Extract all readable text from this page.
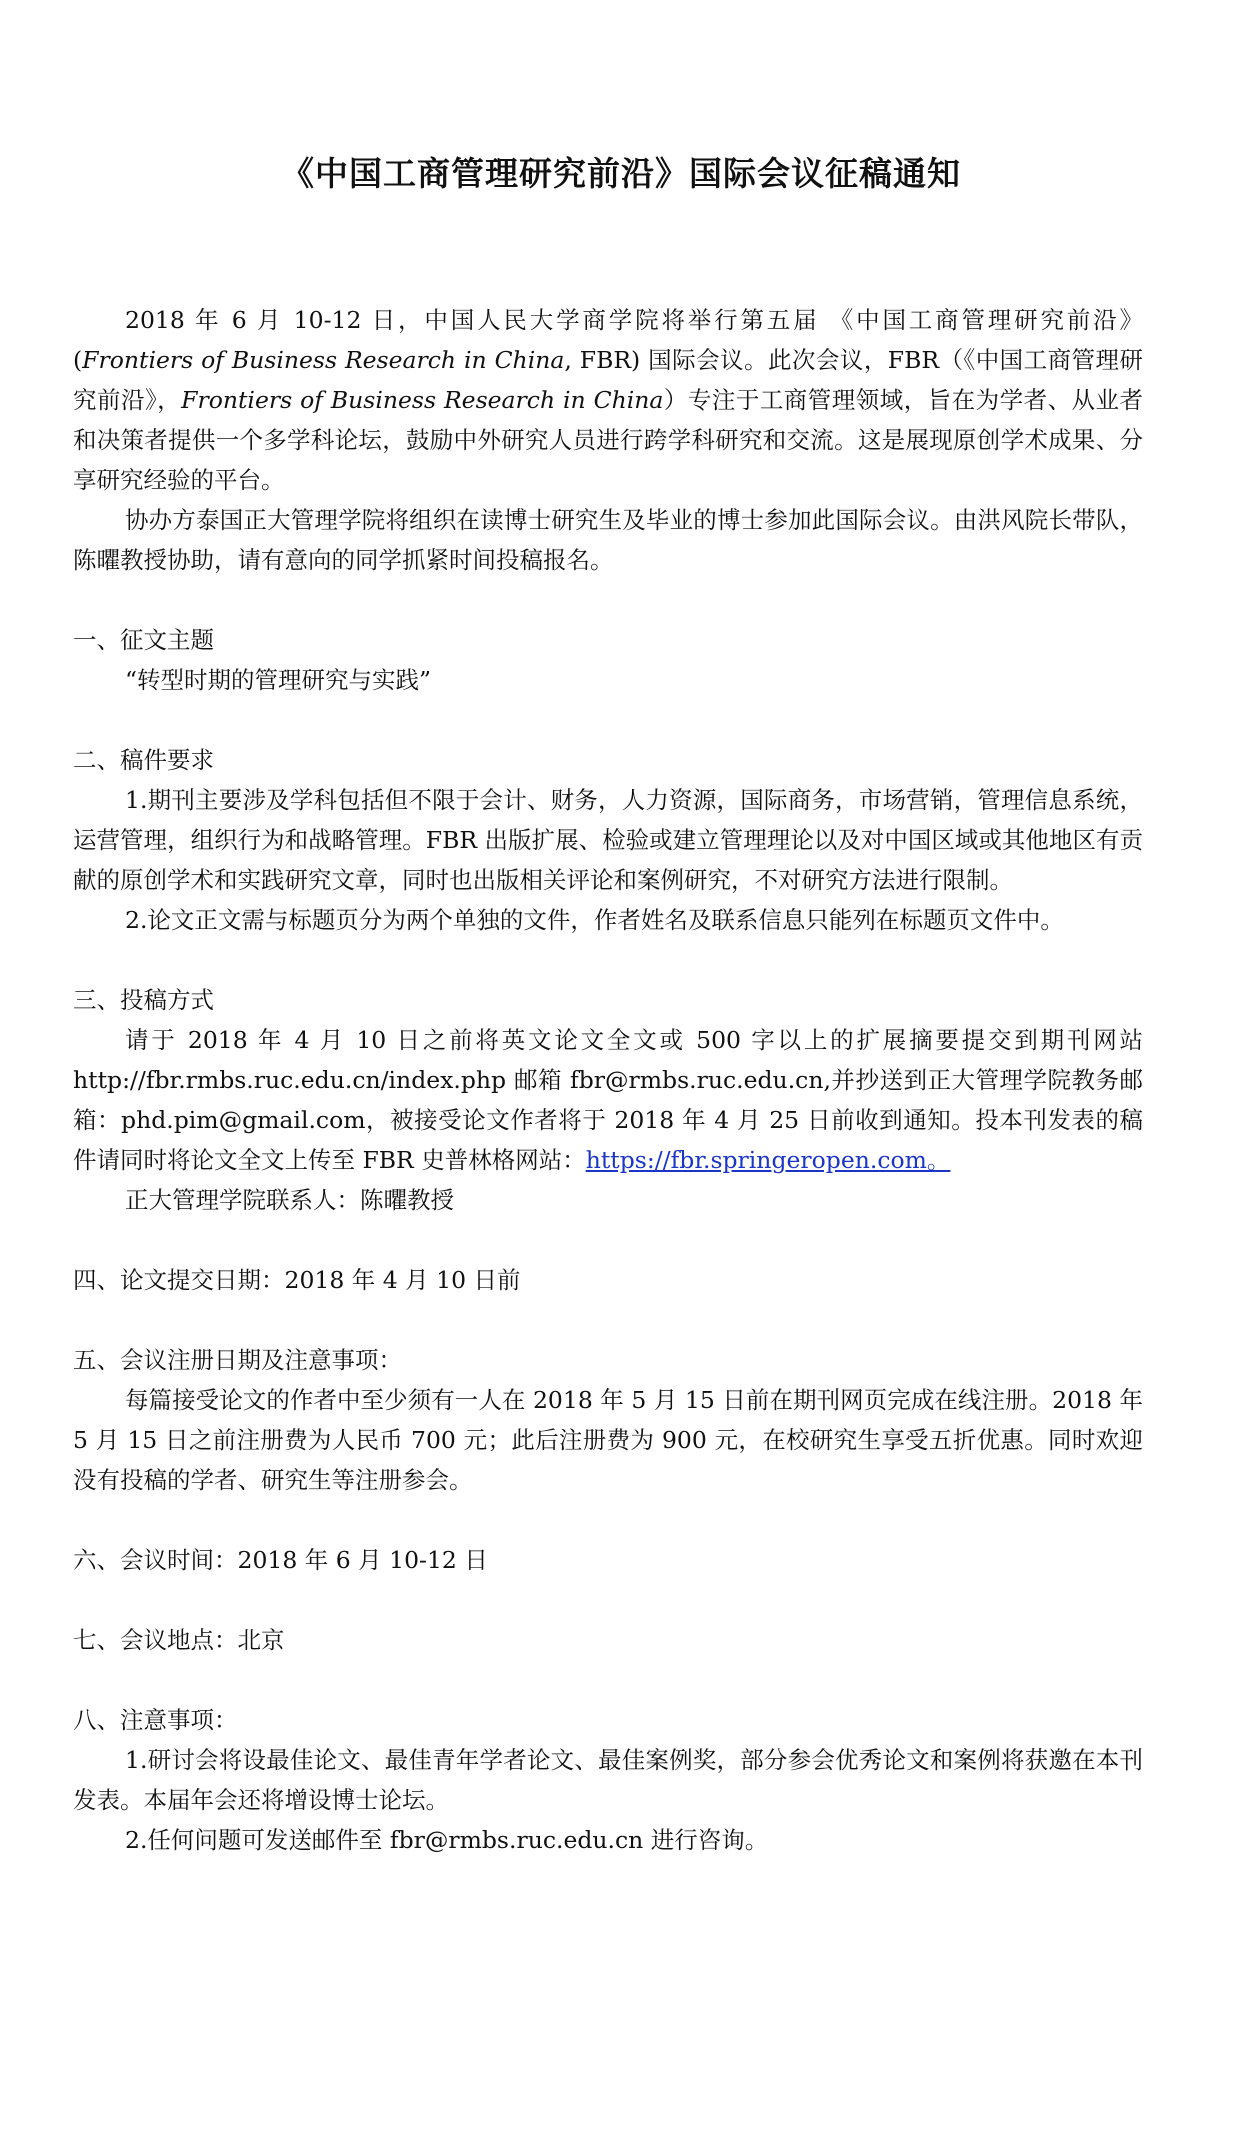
《中国工商管理研究前沿》国际会议征稿通知

2018 年 6 月 10-12 日，中国人民大学商学院将举行第五届 《中国工商管理研究前沿》 (Frontiers of Business Research in China, FBR) 国际会议。此次会议，FBR（《中国工商管理研究前沿》，Frontiers of Business Research in China）专注于工商管理领域，旨在为学者、从业者和决策者提供一个多学科论坛，鼓励中外研究人员进行跨学科研究和交流。这是展现原创学术成果、分享研究经验的平台。

协办方泰国正大管理学院将组织在读博士研究生及毕业的博士参加此国际会议。由洪风院长带队，陈㬬教授协助，请有意向的同学抓紧时间投稿报名。

一、征文主题

“转型时期的管理研究与实践”

二、稿件要求

1.期刊主要涉及学科包括但不限于会计、财务，人力资源，国际商务，市场营销，管理信息系统，运营管理，组织行为和战略管理。FBR 出版扩展、检验或建立管理理论以及对中国区域或其他地区有贡献的原创学术和实践研究文章，同时也出版相关评论和案例研究，不对研究方法进行限制。

2.论文正文需与标题页分为两个单独的文件，作者姓名及联系信息只能列在标题页文件中。

三、投稿方式

请于 2018 年 4 月 10 日之前将英文论文全文或 500 字以上的扩展摘要提交到期刊网站 http://fbr.rmbs.ruc.edu.cn/index.php 邮箱 fbr@rmbs.ruc.edu.cn,并抄送到正大管理学院教务邮箱：phd.pim@gmail.com，被接受论文作者将于 2018 年 4 月 25 日前收到通知。投本刊发表的稿件请同时将论文全文上传至 FBR 史普林格网站：https://fbr.springeropen.com。

正大管理学院联系人：陈㬬教授

四、论文提交日期：2018 年 4 月 10 日前

五、会议注册日期及注意事项：

每篇接受论文的作者中至少须有一人在 2018 年 5 月 15 日前在期刊网页完成在线注册。2018 年 5 月 15 日之前注册费为人民币 700 元；此后注册费为 900 元，在校研究生享受五折优惠。同时欢迎没有投稿的学者、研究生等注册参会。

六、会议时间：2018 年 6 月 10-12 日

七、会议地点：北京

八、注意事项：

1.研讨会将设最佳论文、最佳青年学者论文、最佳案例奖，部分参会优秀论文和案例将获邀在本刊发表。本届年会还将增设博士论坛。

2.任何问题可发送邮件至 fbr@rmbs.ruc.edu.cn 进行咨询。
